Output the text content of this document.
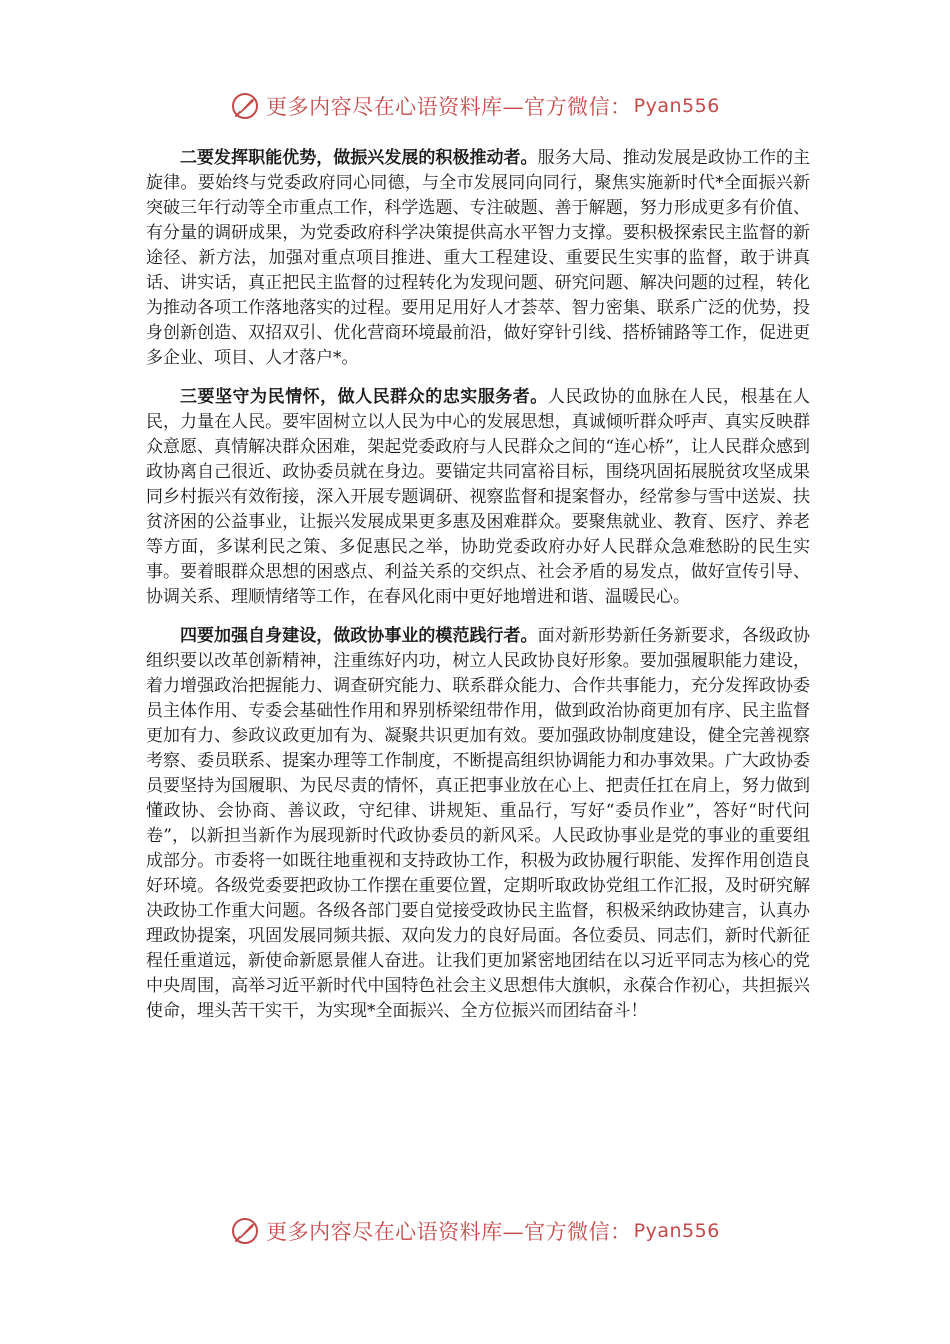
更多内容尽在心语资料库—官方微信： Pyan556

二要发挥职能优势，做振兴发展的积极推动者。服务大局、推动发展是政协工作的主旋律。要始终与党委政府同心同德，与全市发展同向同行，聚焦实施新时代*全面振兴新突破三年行动等全市重点工作，科学选题、专注破题、善于解题，努力形成更多有价值、有分量的调研成果，为党委政府科学决策提供高水平智力支撑。要积极探索民主监督的新途径、新方法，加强对重点项目推进、重大工程建设、重要民生实事的监督，敢于讲真话、讲实话，真正把民主监督的过程转化为发现问题、研究问题、解决问题的过程，转化为推动各项工作落地落实的过程。要用足用好人才荟萃、智力密集、联系广泛的优势，投身创新创造、双招双引、优化营商环境最前沿，做好穿针引线、搭桥铺路等工作，促进更多企业、项目、人才落户*。

三要坚守为民情怀，做人民群众的忠实服务者。人民政协的血脉在人民，根基在人民，力量在人民。要牢固树立以人民为中心的发展思想，真诚倾听群众呼声、真实反映群众意愿、真情解决群众困难，架起党委政府与人民群众之间的“连心桥”，让人民群众感到政协离自己很近、政协委员就在身边。要锚定共同富裕目标，围绕巩固拓展脱贫攻坚成果同乡村振兴有效衔接，深入开展专题调研、视察监督和提案督办，经常参与雪中送炭、扶贫济困的公益事业，让振兴发展成果更多惠及困难群众。要聚焦就业、教育、医疗、养老等方面，多谋利民之策、多促惠民之举，协助党委政府办好人民群众急难愁盼的民生实事。要着眼群众思想的困惑点、利益关系的交织点、社会矛盾的易发点，做好宣传引导、协调关系、理顺情绪等工作，在春风化雨中更好地增进和谐、温暖民心。

四要加强自身建设，做政协事业的模范践行者。面对新形势新任务新要求，各级政协组织要以改革创新精神，注重练好内功，树立人民政协良好形象。要加强履职能力建设，着力增强政治把握能力、调查研究能力、联系群众能力、合作共事能力，充分发挥政协委员主体作用、专委会基础性作用和界别桥梁纽带作用，做到政治协商更加有序、民主监督更加有力、参政议政更加有为、凝聚共识更加有效。要加强政协制度建设，健全完善视察考察、委员联系、提案办理等工作制度，不断提高组织协调能力和办事效果。广大政协委员要坚持为国履职、为民尽责的情怀，真正把事业放在心上、把责任扛在肩上，努力做到懂政协、会协商、善议政，守纪律、讲规矩、重品行，写好“委员作业”，答好“时代问卷”，以新担当新作为展现新时代政协委员的新风采。人民政协事业是党的事业的重要组成部分。市委将一如既往地重视和支持政协工作，积极为政协履行职能、发挥作用创造良好环境。各级党委要把政协工作摆在重要位置，定期听取政协党组工作汇报，及时研究解决政协工作重大问题。各级各部门要自觉接受政协民主监督，积极采纳政协建言，认真办理政协提案，巩固发展同频共振、双向发力的良好局面。各位委员、同志们，新时代新征程任重道远，新使命新愿景催人奋进。让我们更加紧密地团结在以习近平同志为核心的党中央周围，高举习近平新时代中国特色社会主义思想伟大旗帜，永葆合作初心，共担振兴使命，埋头苦干实干，为实现*全面振兴、全方位振兴而团结奋斗！

更多内容尽在心语资料库—官方微信： Pyan556
